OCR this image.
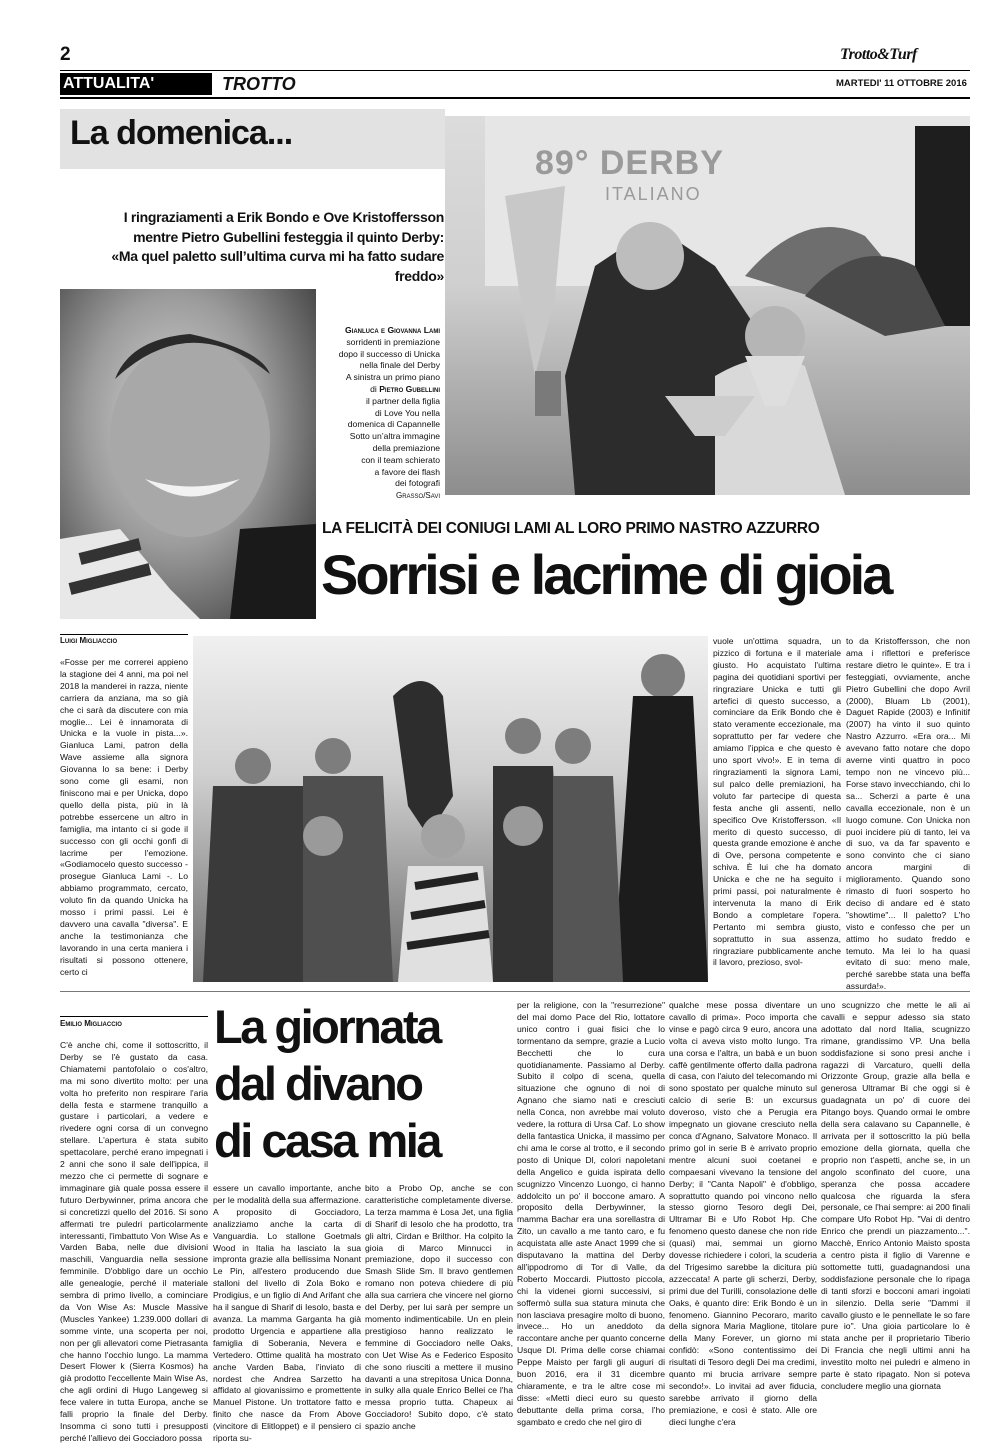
2	Trotto&Turf
ATTUALITA'	TROTTO	MARTEDI' 11 OTTOBRE 2016
La domenica...
I ringraziamenti a Erik Bondo e Ove Kristoffersson
mentre Pietro Gubellini festeggia il quinto Derby:
«Ma quel paletto sull’ultima curva mi ha fatto sudare freddo»
89° DERBY
ITALIANO
Gianluca e Giovanna Lami
sorridenti in premiazione
dopo il successo di Unicka
nella finale del Derby
A sinistra un primo piano
di Pietro Gubellini
il partner della figlia
di Love You nella
domenica di Capannelle
Sotto un’altra immagine
della premiazione
con il team schierato
a favore dei flash
dei fotografi
Grasso/Savi
LA FELICITÀ DEI CONIUGI LAMI AL LORO PRIMO NASTRO AZZURRO
Sorrisi e lacrime di gioia
Luigi Migliaccio
«Fosse per me correrei appieno la stagione dei 4 anni, ma poi nel 2018 la manderei in razza, niente carriera da anziana, ma so già che ci sarà da discutere con mia moglie... Lei è innamorata di Unicka e la vuole in pista...». Gianluca Lami, patron della Wave assieme alla signora Giovanna lo sa bene: i Derby sono come gli esami, non finiscono mai e per Unicka, dopo quello della pista, più in là potrebbe essercene un altro in famiglia, ma intanto ci si gode il successo con gli occhi gonfi di lacrime per l'emozione. «Godiamocelo questo successo - prosegue Gianluca Lami -. Lo abbiamo programmato, cercato, voluto fin da quando Unicka ha mosso i primi passi. Lei è davvero una cavalla "diversa". E anche la testimonianza che lavorando in una certa maniera i risultati si possono ottenere, certo ci
vuole un'ottima squadra, un pizzico di fortuna e il materiale giusto. Ho acquistato l'ultima pagina dei quotidiani sportivi per ringraziare Unicka e tutti gli artefici di questo successo, a cominciare da Erik Bondo che è stato veramente eccezionale, ma soprattutto per far vedere che amiamo l'ippica e che questo è uno sport vivo!». E in tema di ringraziamenti la signora Lami, sul palco delle premiazioni, ha voluto far partecipe di questa festa anche gli assenti, nello specifico Ove Kristoffersson. «Il merito di questo successo, di questa grande emozione è anche di Ove, persona competente e schiva. È lui che ha domato Unicka e che ne ha seguito i primi passi, poi naturalmente è intervenuta la mano di Erik Bondo a completare l'opera. Pertanto mi sembra giusto, soprattutto in sua assenza, ringraziare pubblicamente anche il lavoro, prezioso, svol-
to da Kristoffersson, che non ama i riflettori e preferisce restare dietro le quinte». E tra i festeggiati, ovviamente, anche Pietro Gubellini che dopo Avril (2000), Bluam Lb (2001), Daguet Rapide (2003) e Infinitif (2007) ha vinto il suo quinto Nastro Azzurro. «Era ora... Mi avevano fatto notare che dopo averne vinti quattro in poco tempo non ne vincevo più... Forse stavo invecchiando, chi lo sa... Scherzi a parte è una cavalla eccezionale, non è un luogo comune. Con Unicka non puoi incidere più di tanto, lei va di suo, va da far spavento e sono convinto che ci siano ancora margini di miglioramento. Quando sono rimasto di fuori sosperto ho deciso di andare ed è stato "showtime"... Il paletto? L'ho visto e confesso che per un attimo ho sudato freddo e temuto. Ma lei lo ha quasi evitato di suo: meno male, perché sarebbe stata una beffa assurda!».
Emilio Migliaccio La giornata
dal divano
di casa mia
C'è anche chi, come il sottoscritto, il Derby se l'è gustato da casa. Chiamatemi pantofolaio o cos'altro, ma mi sono divertito molto: per una volta ho preferito non respirare l'aria della festa e starmene tranquillo a gustare i particolari, a vedere e rivedere ogni corsa di un convegno stellare. L'apertura è stata subito spettacolare, perché erano impegnati i 2 anni che sono il sale dell'ippica, il mezzo che ci permette di sognare e immaginare già quale possa essere il futuro Derbywinner, prima ancora che si concretizzi quello del 2016. Si sono affermati tre puledri particolarmente interessanti, l'imbattuto Von Wise As e Varden Baba, nelle due divisioni maschili, Vanguardia nella sessione femminile. D'obbligo dare un occhio alle genealogie, perché il materiale sembra di primo livello, a cominciare da Von Wise As: Muscle Massive (Muscles Yankee) 1.239.000 dollari di somme vinte, una scoperta per noi, non per gli allevatori come Pietrasanta che hanno l'occhio lungo. La mamma Desert Flower k (Sierra Kosmos) ha già prodotto l'eccellente Main Wise As, che agli ordini di Hugo Langeweg si fece valere in tutta Europa, anche se falli proprio la finale del Derby. Insomma ci sono tutti i presupposti perché l'allievo dei Gocciadoro possa
essere un cavallo importante, anche per le modalità della sua affermazione. A proposito di Gocciadoro, analizziamo anche la carta di Vanguardia. Lo stallone Goetmals Wood in Italia ha lasciato la sua impronta grazie alla bellissima Nonant Le Pin, all'estero producendo due stalloni del livello di Zola Boko e Prodigius, e un figlio di And Arifant che ha il sangue di Sharif di Iesolo, basta e avanza. La mamma Garganta ha già prodotto Urgencia e appartiene alla famiglia di Soberania, Nevera e Vertedero. Ottime qualità ha mostrato anche Varden Baba, l'inviato di nordest che Andrea Sarzetto ha affidato al giovanissimo e promettente Manuel Pistone. Un trottatore fatto e finito che nasce da From Above (vincitore di Elitloppet) e il pensiero ci riporta su-
bito a Probo Op, anche se con caratteristiche completamente diverse. La terza mamma è Losa Jet, una figlia di Sharif di Iesolo che ha prodotto, tra gli altri, Cirdan e Brilthor. Ha colpito la gioia di Marco Minnucci in premiazione, dopo il successo con Smash Slide Sm. Il bravo gentlemen romano non poteva chiedere di più alla sua carriera che vincere nel giorno del Derby, per lui sarà per sempre un momento indimenticabile. Un en plein prestigioso hanno realizzato le femmine di Gocciadoro nelle Oaks, con Uet Wise As e Federico Esposito che sono riusciti a mettere il musino davanti a una strepitosa Unica Donna, in sulky alla quale Enrico Bellei ce l'ha messa proprio tutta. Chapeux ai Gocciadoro! Subito dopo, c'è stato spazio anche
per la religione, con la "resurrezione" del mai domo Pace del Rio, lottatore unico contro i guai fisici che lo tormentano da sempre, grazie a Lucio Becchetti che lo cura quotidianamente. Passiamo al Derby. Subito il colpo di scena, quella situazione che ognuno di noi di Agnano che siamo nati e cresciuti nella Conca, non avrebbe mai voluto vedere, la rottura di Ursa Caf. Lo show della fantastica Unicka, il massimo per chi ama le corse al trotto, e il secondo posto di Unique Dl, colori napoletani della Angelico e guida ispirata dello scugnizzo Vincenzo Luongo, ci hanno addolcito un po' il boccone amaro. A proposito della Derbywinner, la mamma Bachar era una sorellastra di Zito, un cavallo a me tanto caro, e fu acquistata alle aste Anact 1999 che si disputavano la mattina del Derby all'ippodromo di Tor di Valle, da Roberto Moccardi. Piuttosto piccola, chi la videnei giorni successivi, si soffermò sulla sua statura minuta che non lasciava presagire molto di buono, invece... Ho un aneddoto da raccontare anche per quanto concerne Usque Dl. Prima delle corse chiamai Peppe Maisto per fargli gli auguri di buon 2016, era il 31 dicembre chiaramente, e tra le altre cose mi disse: «Metti dieci euro su questo debuttante della prima corsa, l'ho sgambato e credo che nel giro di
qualche mese possa diventare un cavallo di prima». Poco importa che vinse e pagò circa 9 euro, ancora una volta ci aveva visto molto lungo. Tra una corsa e l'altra, un babà e un buon caffè gentilmente offerto dalla padrona di casa, con l'aiuto del telecomando mi sono spostato per qualche minuto sul calcio di serie B: un excursus doveroso, visto che a Perugia era impegnato un giovane cresciuto nella conca d'Agnano, Salvatore Monaco. Il primo gol in serie B è arrivato proprio mentre alcuni suoi coetanei e compaesani vivevano la tensione del Derby; il "Canta Napoli" è d'obbligo, soprattutto quando poi vincono nello stesso giorno Tesoro degli Dei, Ultramar Bi e Ufo Robot Hp. Che fenomeno questo danese che non ride (quasi) mai, semmai un giorno dovesse richiedere i colori, la scuderia del Trigesimo sarebbe la dicitura più azzeccata! A parte gli scherzi, Derby, primi due del Turilli, consolazione delle Oaks, è quanto dire: Erik Bondo è un fenomeno. Giannino Pecoraro, marito della signora Maria Maglione, titolare della Many Forever, un giorno mi confidò: «Sono contentissimo dei risultati di Tesoro degli Dei ma credimi, quanto mi brucia arrivare sempre secondo!». Lo invitai ad aver fiducia, sarebbe arrivato il giorno della premiazione, e così è stato. Alle ore dieci lunghe c'era
uno scugnizzo che mette le ali ai cavalli e seppur adesso sia stato adottato dal nord Italia, scugnizzo rimane, grandissimo VP. Una bella soddisfazione si sono presi anche i ragazzi di Varcaturo, quelli della Orizzonte Group, grazie alla bella e generosa Ultramar Bi che oggi si è guadagnata un po' di cuore dei Pitango boys. Quando ormai le ombre della sera calavano su Capannelle, è arrivata per il sottoscritto la più bella emozione della giornata, quella che proprio non t'aspetti, anche se, in un angolo sconfinato del cuore, una speranza che possa accadere qualcosa che riguarda la sfera personale, ce l'hai sempre: ai 200 finali compare Ufo Robot Hp. "Vai di dentro Enrico che prendi un piazzamento...". Macchè, Enrico Antonio Maisto sposta a centro pista il figlio di Varenne e sottomette tutti, guadagnandosi una soddisfazione personale che lo ripaga di tanti sforzi e bocconi amari ingoiati in silenzio. Della serie "Dammi il cavallo giusto e le pennellate le so fare pure io". Una gioia particolare lo è stata anche per il proprietario Tiberio Di Francia che negli ultimi anni ha investito molto nei puledri e almeno in parte è stato ripagato. Non si poteva concludere meglio una giornata
